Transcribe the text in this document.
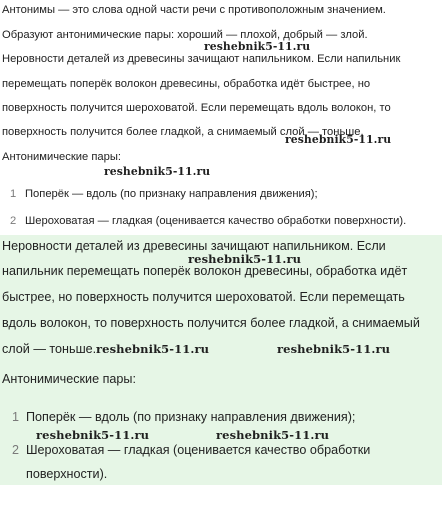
Антонимы — это слова одной части речи с противоположным значением.
Образуют антонимические пары: хороший — плохой, добрый — злой.
reshebnik5-11.ru
Неровности деталей из древесины зачищают напильником. Если напильник
перемещать поперёк волокон древесины, обработка идёт быстрее, но
поверхность получится шероховатой. Если перемещать вдоль волокон, то
поверхность получится более гладкой, а снимаемый слой — тоньше.
reshebnik5-11.ru
Антонимические пары:
reshebnik5-11.ru
1 Поперёк — вдоль (по признаку направления движения);
2 Шероховатая — гладкая (оценивается качество обработки поверхности).
Неровности деталей из древесины зачищают напильником. Если
напильник перемещать поперёк волокон древесины, обработка идёт
быстрее, но поверхность получится шероховатой. Если перемещать
вдоль волокон, то поверхность получится более гладкой, а снимаемый
слой — тоньше.
reshebnik5-11.ru
reshebnik5-11.ru	reshebnik5-11.ru
Антонимические пары:
1 Поперёк — вдоль (по признаку направления движения);
2 Шероховатая — гладкая (оценивается качество обработки
поверхности).
reshebnik5-11.ru	reshebnik5-11.ru
